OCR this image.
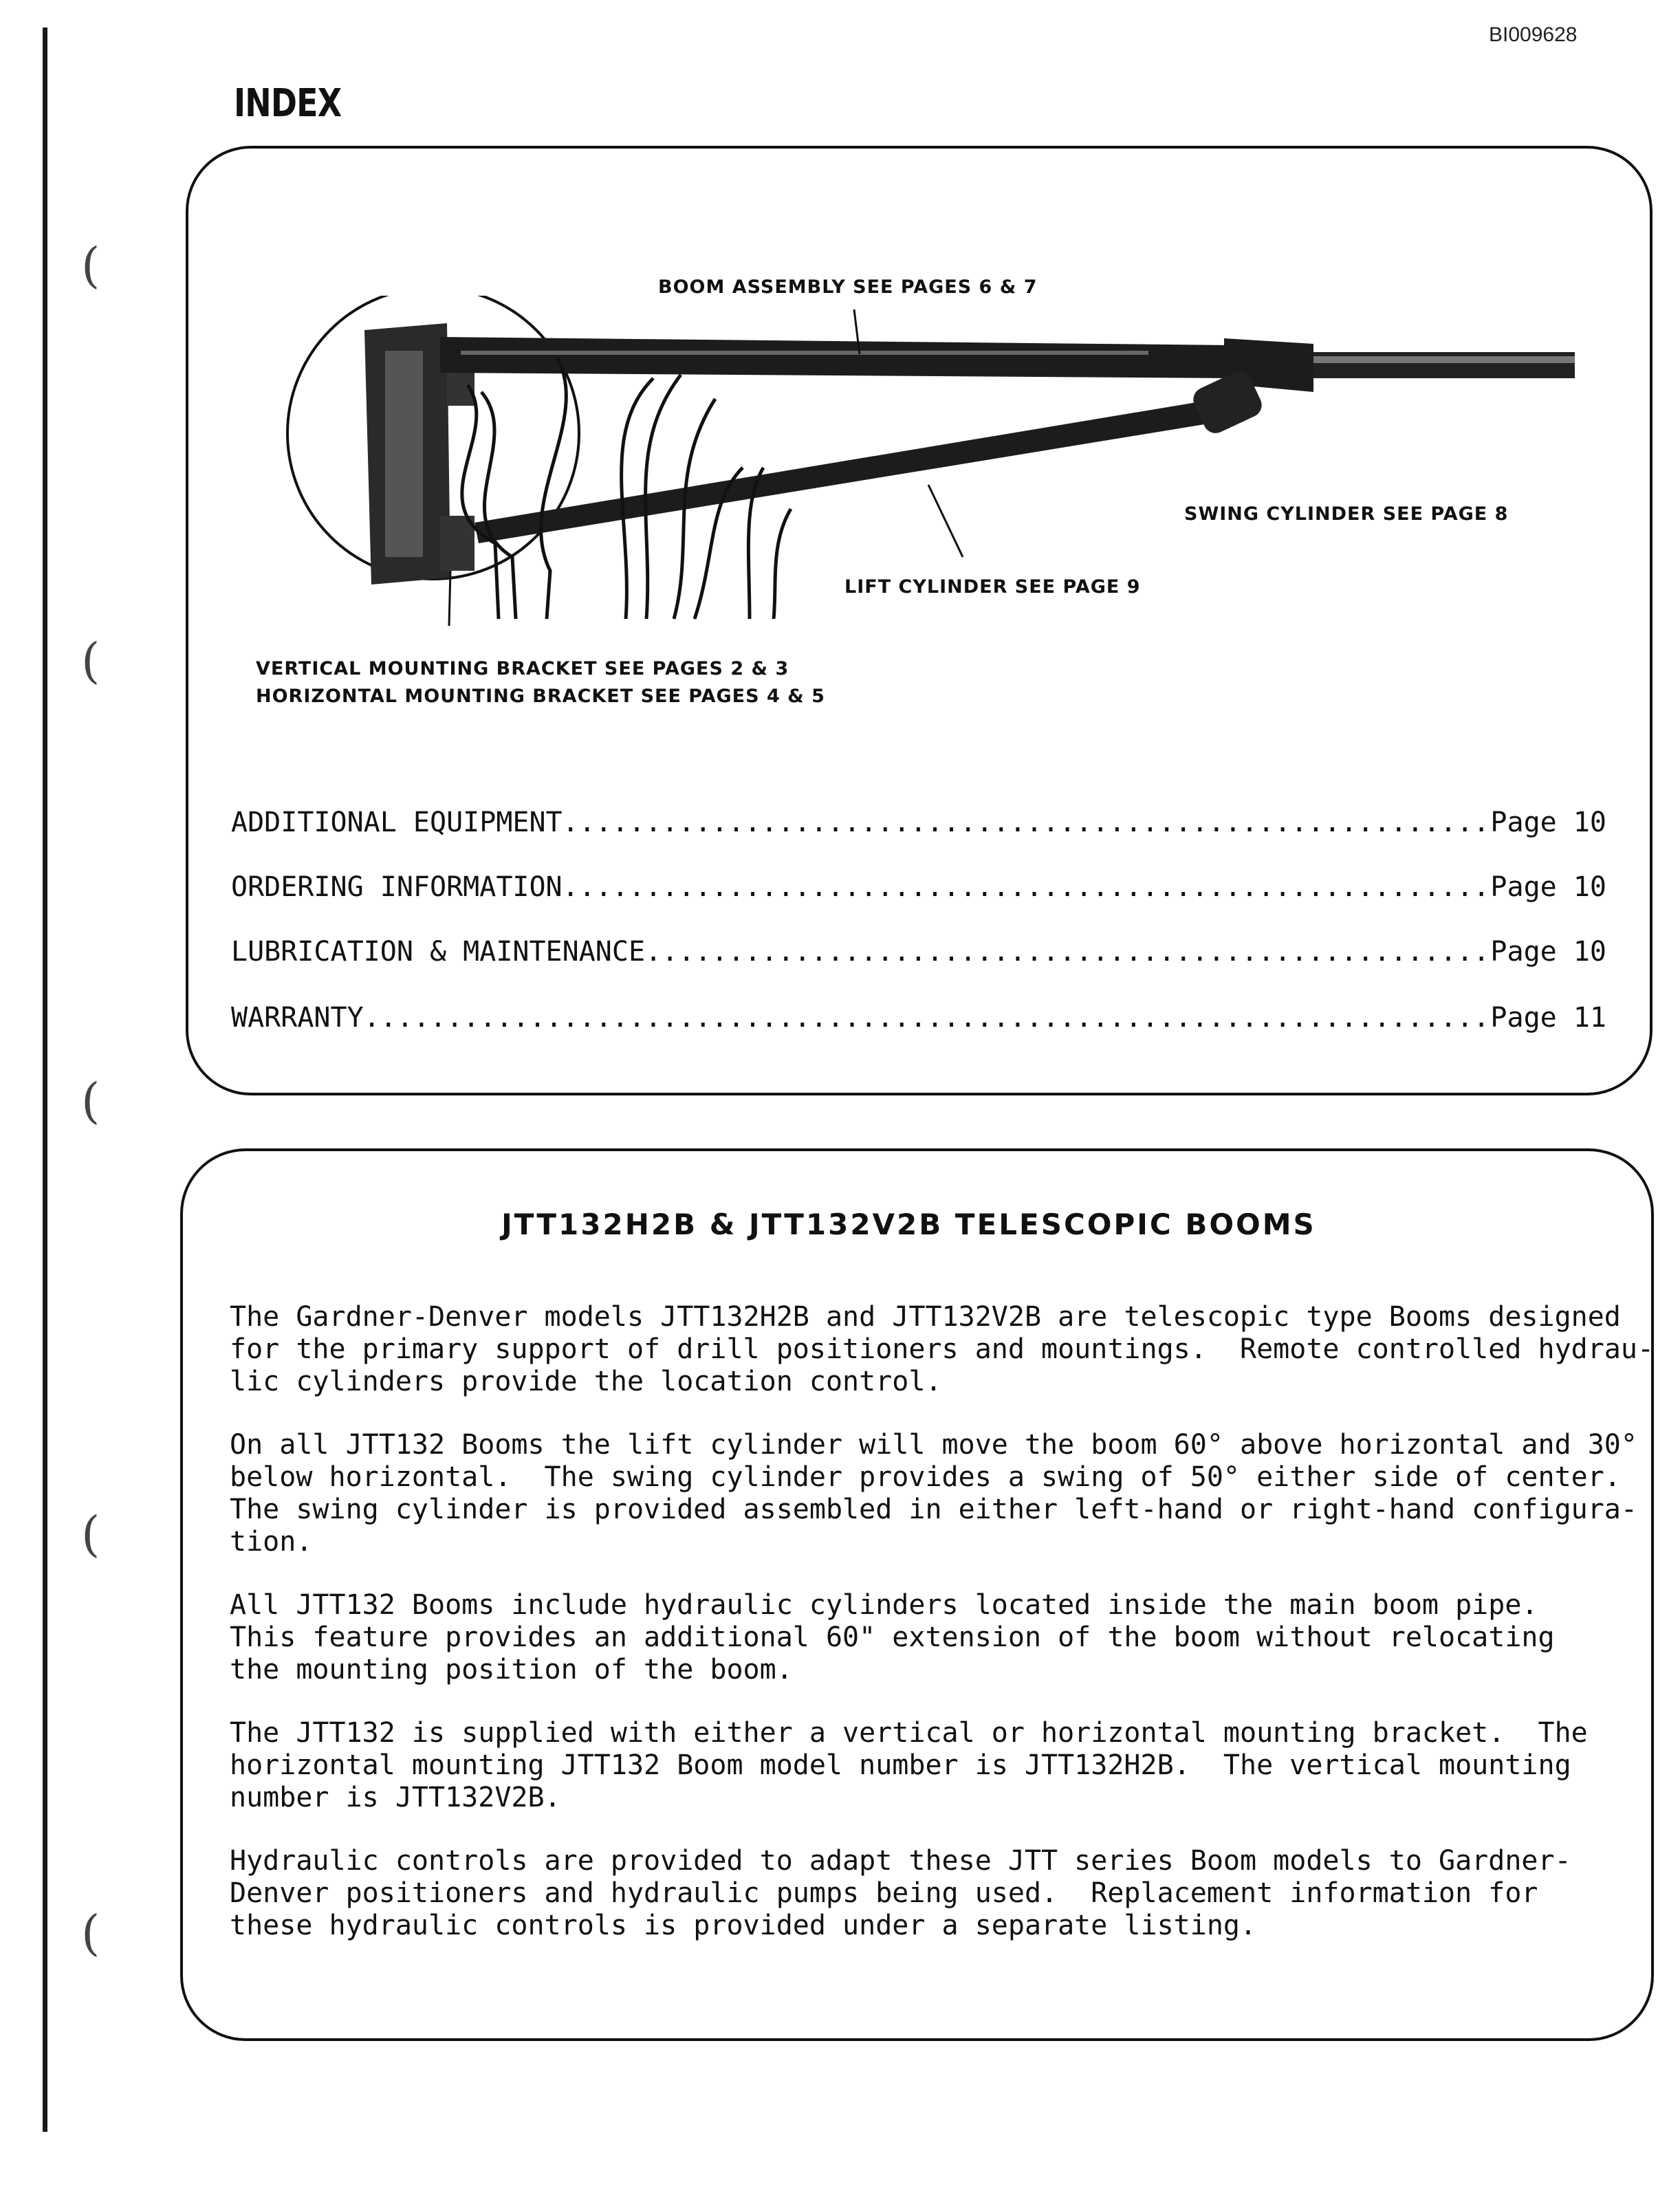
(
(
(
(
(
BI009628
INDEX
BOOM ASSEMBLY SEE PAGES 6 & 7
SWING CYLINDER SEE PAGE 8
LIFT CYLINDER SEE PAGE 9
VERTICAL MOUNTING BRACKET SEE PAGES 2 & 3
HORIZONTAL MOUNTING BRACKET SEE PAGES 4 & 5
ADDITIONAL EQUIPMENT .....	Page 10
ORDERING INFORMATION .....	Page 10
LUBRICATION & MAINTENANCE .....	Page 10
WARRANTY .....	Page 11
JTT132H2B & JTT132V2B TELESCOPIC BOOMS
The Gardner-Denver models JTT132H2B and JTT132V2B are telescopic type Booms designed
for the primary support of drill positioners and mountings.  Remote controlled hydrau-
lic cylinders provide the location control.
On all JTT132 Booms the lift cylinder will move the boom 60° above horizontal and 30°
below horizontal.  The swing cylinder provides a swing of 50° either side of center.
The swing cylinder is provided assembled in either left-hand or right-hand configura-
tion.
All JTT132 Booms include hydraulic cylinders located inside the main boom pipe.
This feature provides an additional 60" extension of the boom without relocating
the mounting position of the boom.
The JTT132 is supplied with either a vertical or horizontal mounting bracket.  The
horizontal mounting JTT132 Boom model number is JTT132H2B.  The vertical mounting
number is JTT132V2B.
Hydraulic controls are provided to adapt these JTT series Boom models to Gardner-
Denver positioners and hydraulic pumps being used.  Replacement information for
these hydraulic controls is provided under a separate listing.
